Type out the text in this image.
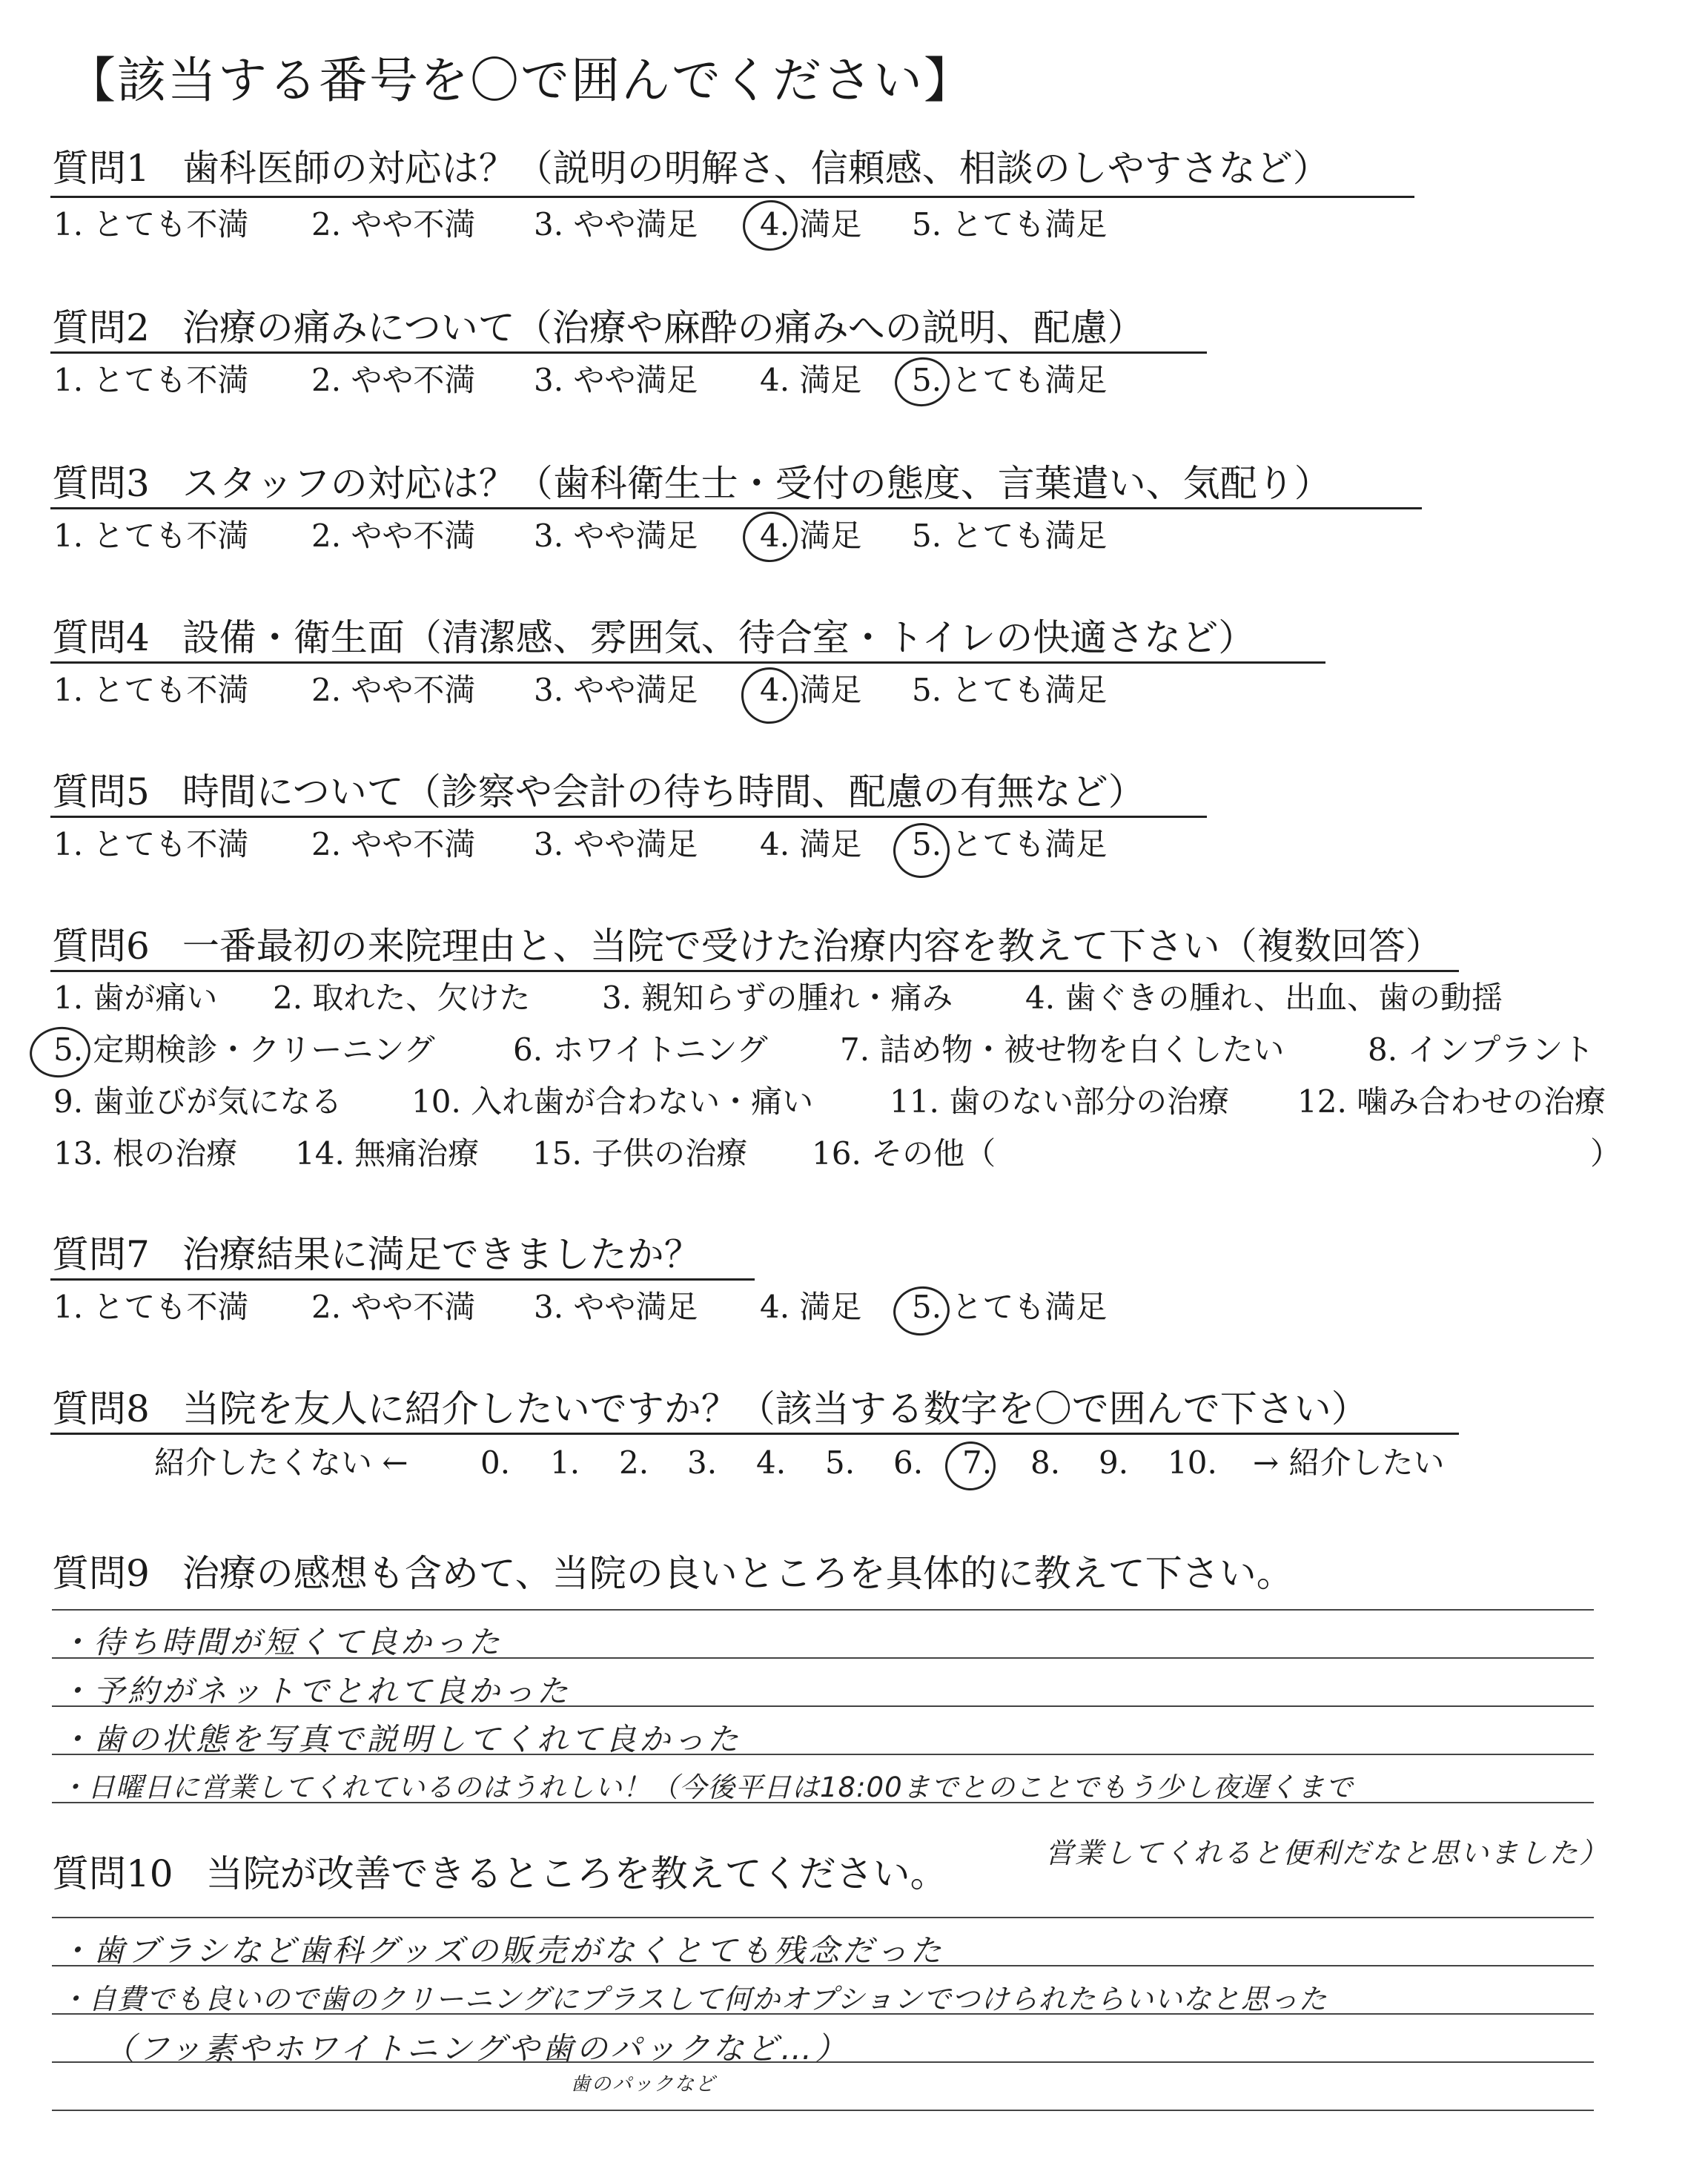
【該当する番号を〇で囲んでください】
質問1 歯科医師の対応は？（説明の明解さ、信頼感、相談のしやすさなど）
1. とても不満 2. やや不満 3. やや満足 4. 満足 5. とても満足
質問2 治療の痛みについて（治療や麻酔の痛みへの説明、配慮）
1. とても不満 2. やや不満 3. やや満足 4. 満足 5. とても満足
質問3 スタッフの対応は？（歯科衛生士・受付の態度、言葉遣い、気配り）
1. とても不満 2. やや不満 3. やや満足 4. 満足 5. とても満足
質問4 設備・衛生面（清潔感、雰囲気、待合室・トイレの快適さなど）
1. とても不満 2. やや不満 3. やや満足 4. 満足 5. とても満足
質問5 時間について（診察や会計の待ち時間、配慮の有無など）
1. とても不満 2. やや不満 3. やや満足 4. 満足 5. とても満足
質問6 一番最初の来院理由と、当院で受けた治療内容を教えて下さい（複数回答）
1. 歯が痛い 2. 取れた、欠けた 3. 親知らずの腫れ・痛み 4. 歯ぐきの腫れ、出血、歯の動揺
5. 定期検診・クリーニング	6. ホワイトニング 7. 詰め物・被せ物を白くしたい	8. インプラント
9. 歯並びが気になる 10. 入れ歯が合わない・痛い 11. 歯のない部分の治療 12. 噛み合わせの治療
13. 根の治療 14. 無痛治療 15. 子供の治療 16. その他（	）
質問7 治療結果に満足できましたか？
1. とても不満 2. やや不満 3. やや満足 4. 満足 5. とても満足
質問8 当院を友人に紹介したいですか？（該当する数字を〇で囲んで下さい）
紹介したくない ← 0. 1. 2. 3. 4. 5. 6. 7. 8. 9. 10. → 紹介したい
質問9 治療の感想も含めて、当院の良いところを具体的に教えて下さい。
・待ち時間が短くて良かった
・予約がネットでとれて良かった
・歯の状態を写真で説明してくれて良かった
・日曜日に営業してくれているのはうれしい！（今後平日は18:00までとのことでもう少し夜遅くまで
営業してくれると便利だなと思いました）
質問10 当院が改善できるところを教えてください。
・歯ブラシなど歯科グッズの販売がなくとても残念だった
・自費でも良いので歯のクリーニングにプラスして何かオプションでつけられたらいいなと思った
（フッ素やホワイトニングや歯のパックなど…）
歯のパックなど
